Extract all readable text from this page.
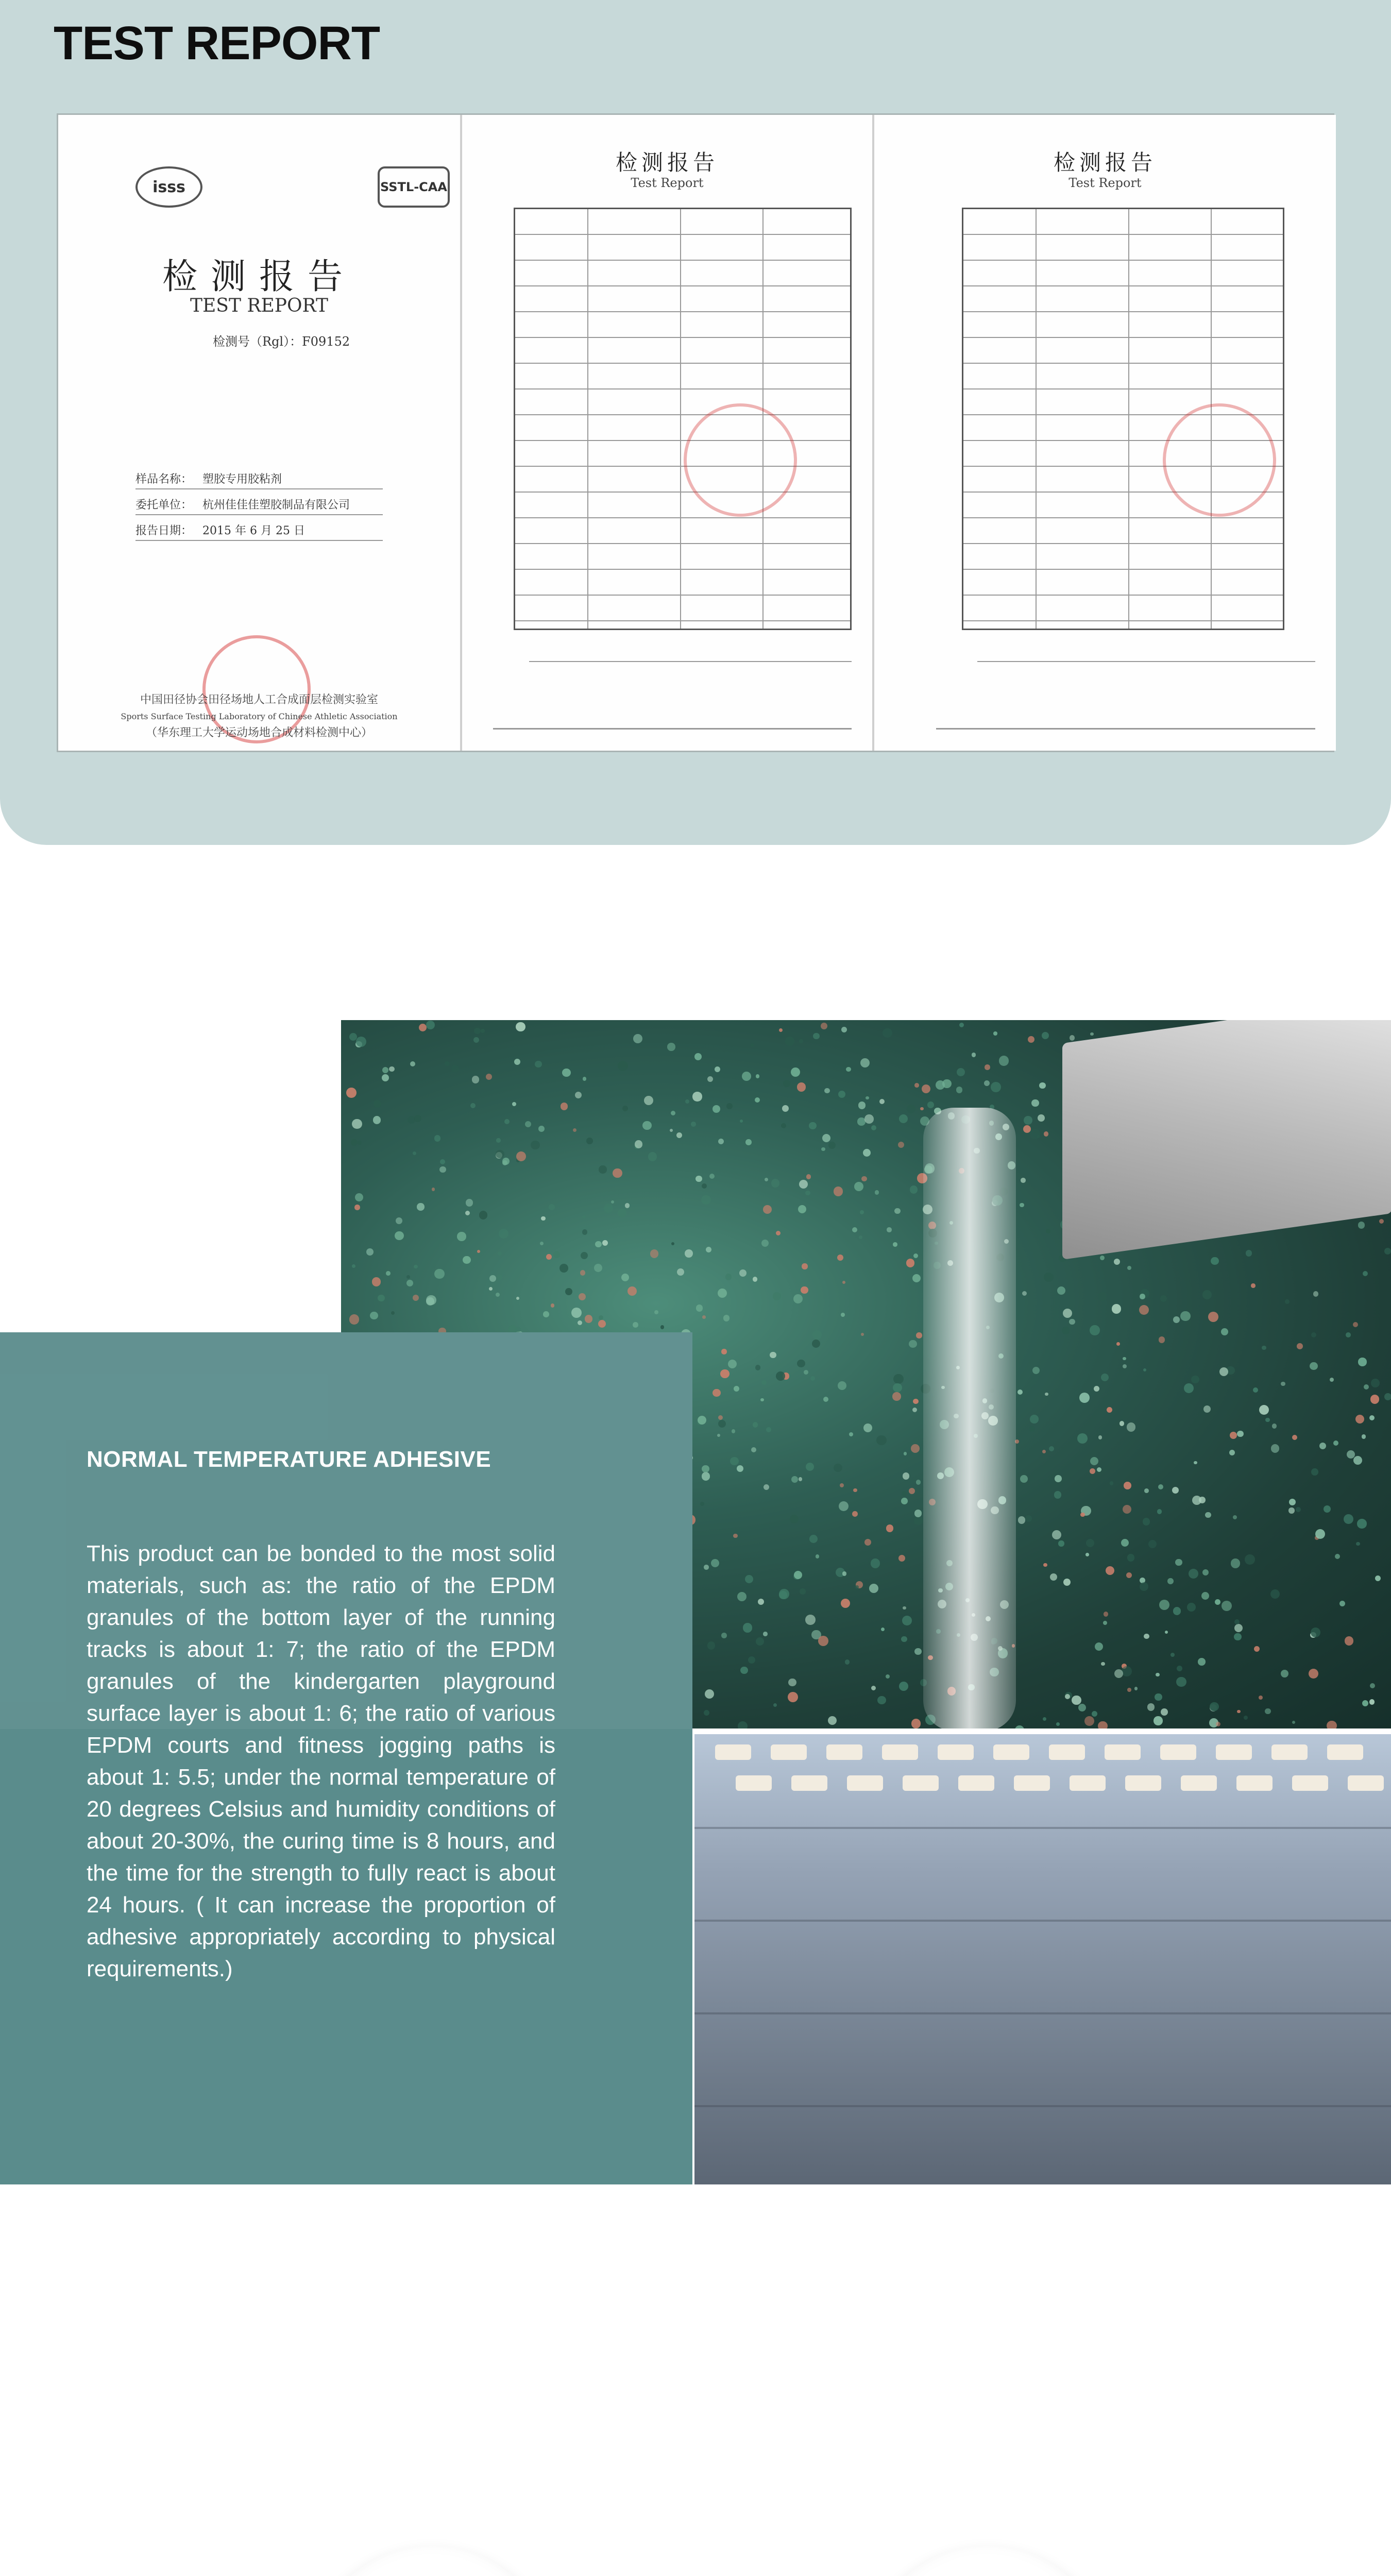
TEST REPORT
isss	SSTL-CAA
检测报告
TEST REPORT
检测号（Rgl）：F09152
样品名称： 塑胶专用胶粘剂
委托单位： 杭州佳佳佳塑胶制品有限公司
报告日期： 2015 年 6 月 25 日
中国田径协会田径场地人工合成面层检测实验室
Sports Surface Testing Laboratory of Chinese Athletic Association
（华东理工大学运动场地合成材料检测中心）
检测报告
Test Report
检测报告
Test Report
NORMAL TEMPERATURE ADHESIVE
This product can be bonded to the most solid materials, such as: the ratio of the EPDM granules of the bottom layer of the running tracks is about 1: 7; the ratio of the EPDM granules of the kindergarten playground surface layer is about 1: 6; the ratio of various EPDM courts and fitness jogging paths is about 1: 5.5; under the normal temperature of 20 degrees Celsius and humidity conditions of about 20-30%, the curing time is 8 hours, and the time for the strength to fully react is about 24 hours. ( It can increase the proportion of adhesive appropriately according to physical requirements.)
